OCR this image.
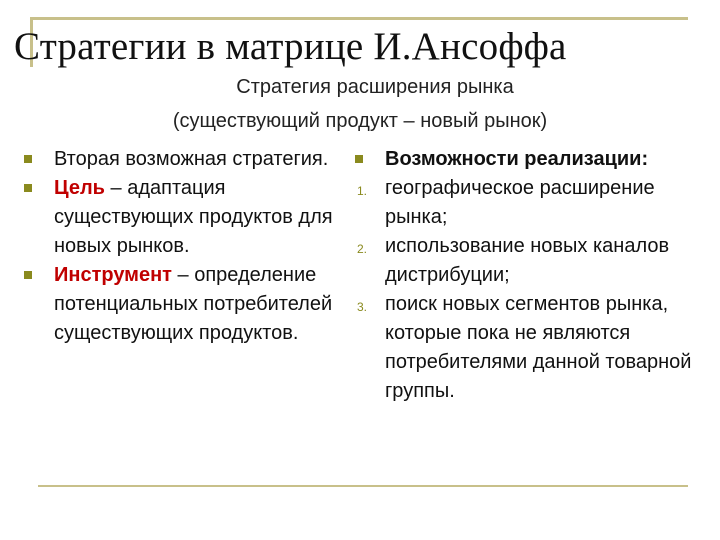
Стратегии в матрице И.Ансоффа

Стратегия расширения рынка

(существующий продукт – новый рынок)

Вторая возможная стратегия.

Цель – адаптация существующих продуктов для новых рынков.

Инструмент – определение потенциальных потребителей существующих продуктов.

Возможности реализации:

1. географическое расширение рынка;

2. использование новых каналов дистрибуции;

3. поиск новых сегментов рынка, которые пока не являются потребителями данной товарной группы.
